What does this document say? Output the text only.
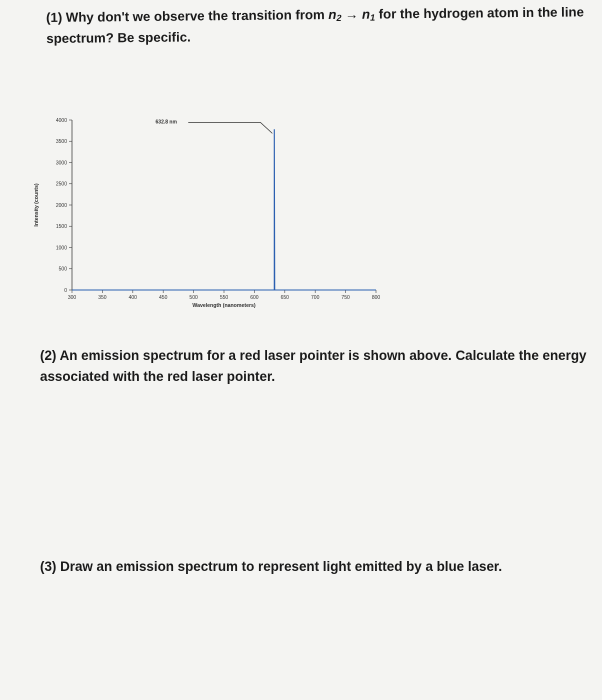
(1) Why don't we observe the transition from $n_2 \to n_1$ for the hydrogen atom in the line spectrum? Be specific.
0
500
1000
1500
2000
2500
3000
3500
4000
300	350	400	450	500	550	600	650	700	750	800
Wavelength (nanometers)
Intensity (counts)
632.8 nm
(2) An emission spectrum for a red laser pointer is shown above. Calculate the energy associated with the red laser pointer.
(3) Draw an emission spectrum to represent light emitted by a blue laser.
